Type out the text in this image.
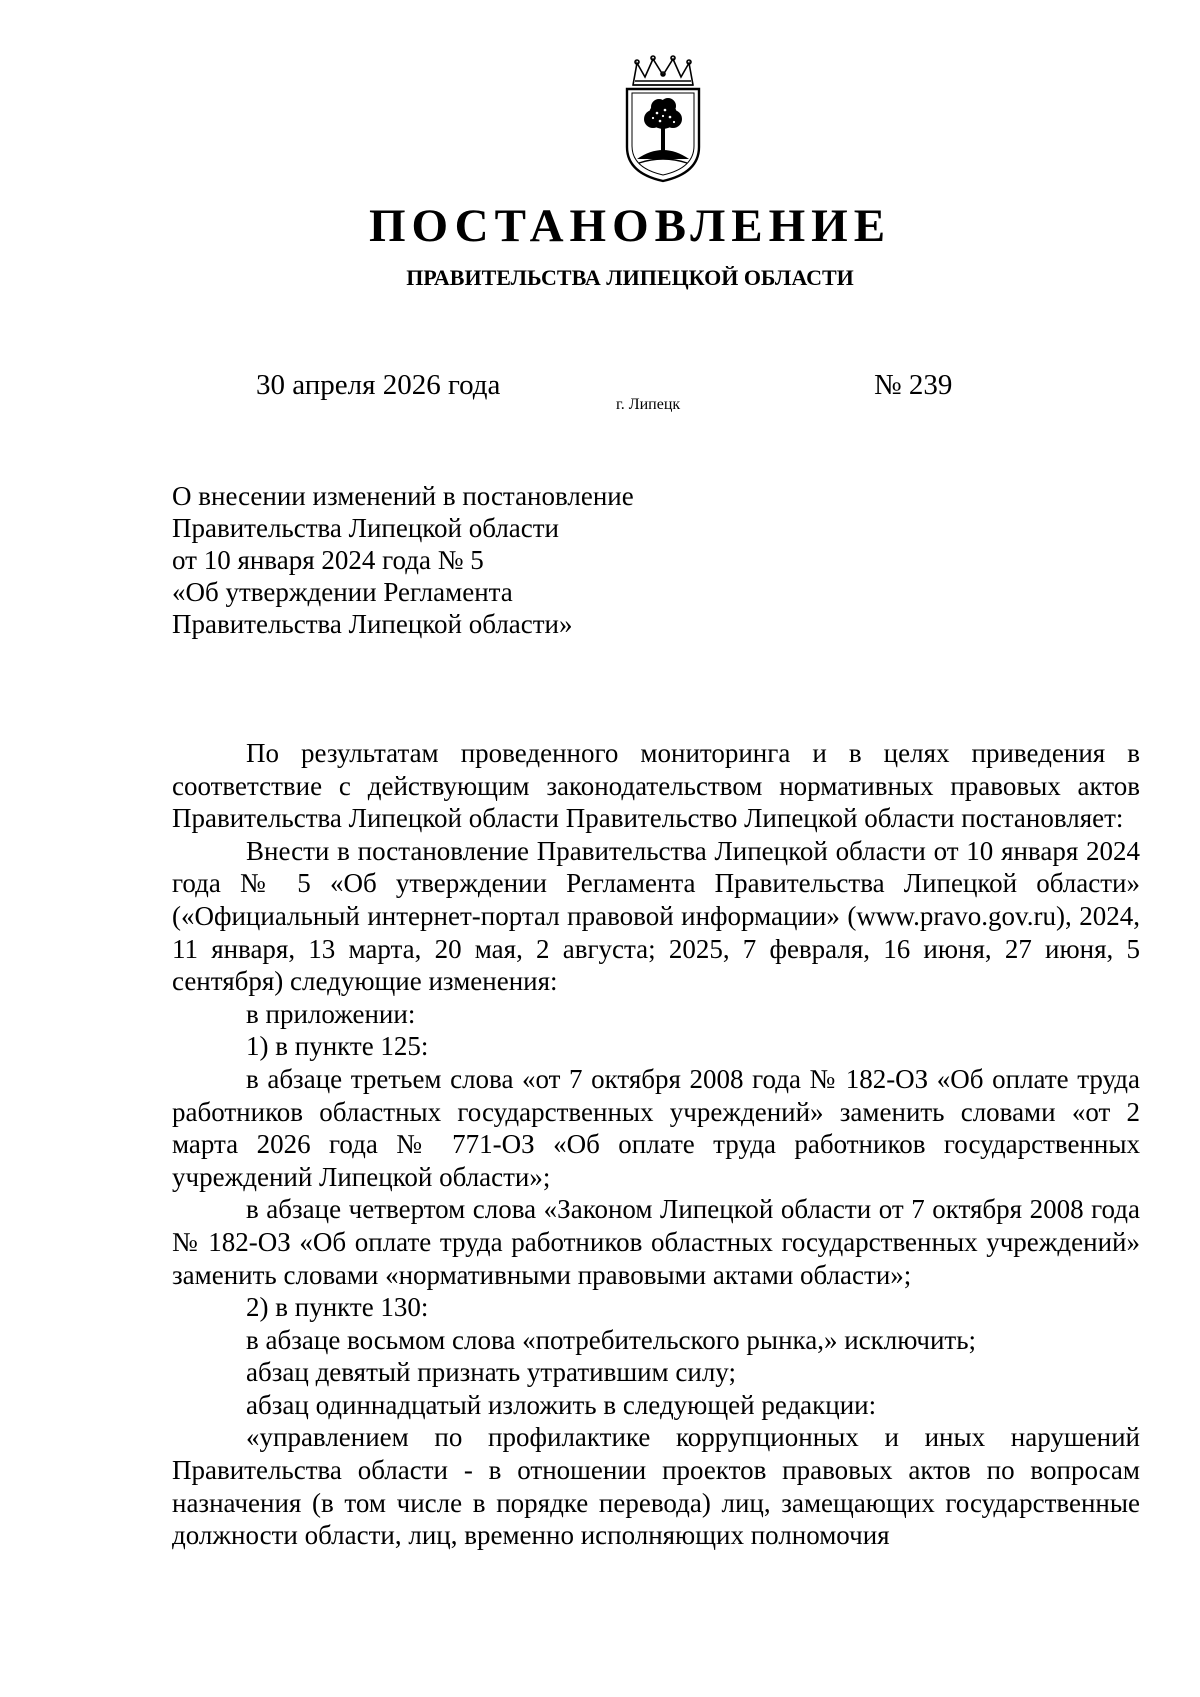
ПОСТАНОВЛЕНИЕ
ПРАВИТЕЛЬСТВА ЛИПЕЦКОЙ ОБЛАСТИ
30 апреля 2026 года
г. Липецк
№ 239
О внесении изменений в постановление
Правительства Липецкой области
от 10 января 2024 года № 5
«Об утверждении Регламента
Правительства Липецкой области»

По результатам проведенного мониторинга и в целях приведения в соответствие с действующим законодательством нормативных правовых актов Правительства Липецкой области Правительство Липецкой области постановляет:

Внести в постановление Правительства Липецкой области от 10 января 2024 года № 5 «Об утверждении Регламента Правительства Липецкой области» («Официальный интернет-портал правовой информации» (www.pravo.gov.ru), 2024, 11 января, 13 марта, 20 мая, 2 августа; 2025, 7 февраля, 16 июня, 27 июня, 5 сентября) следующие изменения:

в приложении:

1) в пункте 125:

в абзаце третьем слова «от 7 октября 2008 года № 182-ОЗ «Об оплате труда работников областных государственных учреждений» заменить словами «от 2 марта 2026 года № 771-ОЗ «Об оплате труда работников государственных учреждений Липецкой области»;

в абзаце четвертом слова «Законом Липецкой области от 7 октября 2008 года № 182-ОЗ «Об оплате труда работников областных государственных учреждений» заменить словами «нормативными правовыми актами области»;

2) в пункте 130:

в абзаце восьмом слова «потребительского рынка,» исключить;

абзац девятый признать утратившим силу;

абзац одиннадцатый изложить в следующей редакции:

«управлением по профилактике коррупционных и иных нарушений Правительства области - в отношении проектов правовых актов по вопросам назначения (в том числе в порядке перевода) лиц, замещающих государственные должности области, лиц, временно исполняющих полномочия
